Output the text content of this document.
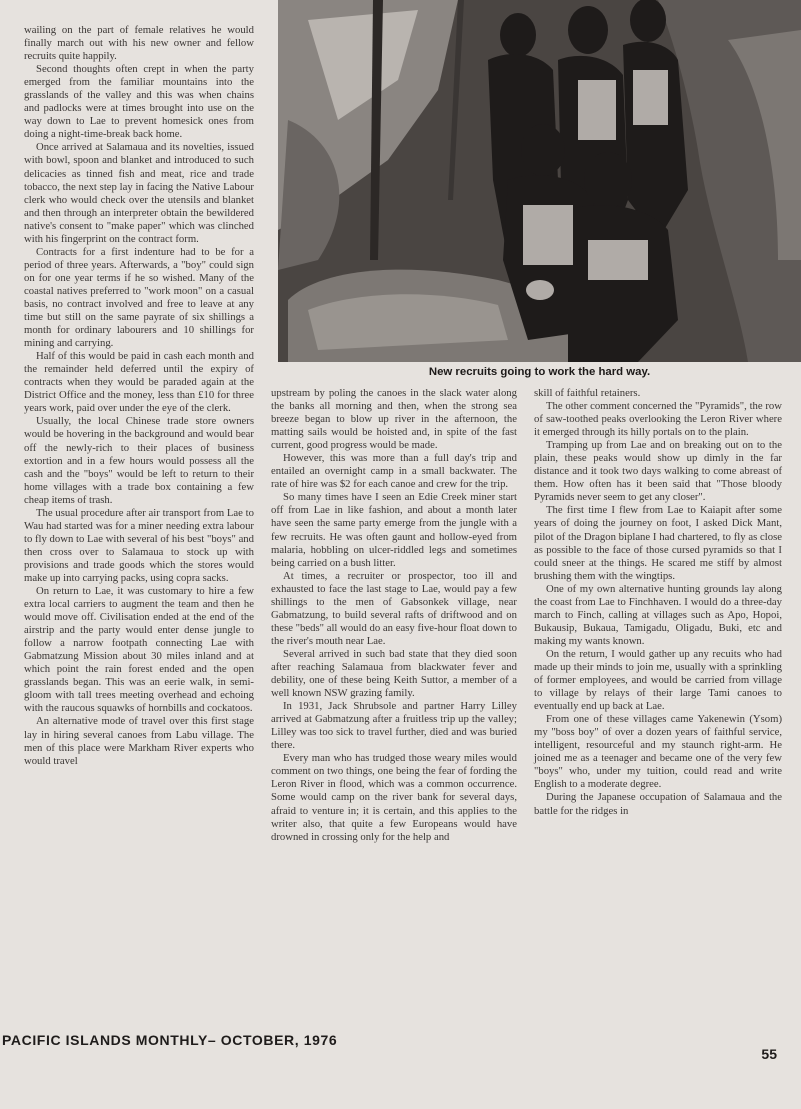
New recruits going to work the hard way.

wailing on the part of female relatives he would finally march out with his new owner and fellow recruits quite happily.

Second thoughts often crept in when the party emerged from the familiar mountains into the grasslands of the valley and this was when chains and padlocks were at times brought into use on the way down to Lae to prevent homesick ones from doing a night-time-break back home.

Once arrived at Salamaua and its novelties, issued with bowl, spoon and blanket and introduced to such delicacies as tinned fish and meat, rice and trade tobacco, the next step lay in facing the Native Labour clerk who would check over the utensils and blanket and then through an interpreter obtain the bewildered native's consent to "make paper" which was clinched with his fingerprint on the contract form.

Contracts for a first indenture had to be for a period of three years. Afterwards, a "boy" could sign on for one year terms if he so wished. Many of the coastal natives preferred to "work moon" on a casual basis, no contract involved and free to leave at any time but still on the same payrate of six shillings a month for ordinary labourers and 10 shillings for mining and carrying.

Half of this would be paid in cash each month and the remainder held deferred until the expiry of contracts when they would be paraded again at the District Office and the money, less than £10 for three years work, paid over under the eye of the clerk.

Usually, the local Chinese trade store owners would be hovering in the background and would bear off the newly-rich to their places of business extortion and in a few hours would possess all the cash and the "boys" would be left to return to their home villages with a trade box containing a few cheap items of trash.

The usual procedure after air transport from Lae to Wau had started was for a miner needing extra labour to fly down to Lae with several of his best "boys" and then cross over to Salamaua to stock up with provisions and trade goods which the stores would make up into carrying packs, using copra sacks.

On return to Lae, it was customary to hire a few extra local carriers to augment the team and then he would move off. Civilisation ended at the end of the airstrip and the party would enter dense jungle to follow a narrow footpath connecting Lae with Gabmatzung Mission about 30 miles inland and at which point the rain forest ended and the open grasslands began. This was an eerie walk, in semi-gloom with tall trees meeting overhead and echoing with the raucous squawks of hornbills and cockatoos.

An alternative mode of travel over this first stage lay in hiring several canoes from Labu village. The men of this place were Markham River experts who would travel

upstream by poling the canoes in the slack water along the banks all morning and then, when the strong sea breeze began to blow up river in the afternoon, the matting sails would be hoisted and, in spite of the fast current, good progress would be made.

However, this was more than a full day's trip and entailed an overnight camp in a small backwater. The rate of hire was $2 for each canoe and crew for the trip.

So many times have I seen an Edie Creek miner start off from Lae in like fashion, and about a month later have seen the same party emerge from the jungle with a few recruits. He was often gaunt and hollow-eyed from malaria, hobbling on ulcer-riddled legs and sometimes being carried on a bush litter.

At times, a recruiter or prospector, too ill and exhausted to face the last stage to Lae, would pay a few shillings to the men of Gabsonkek village, near Gabmatzung, to build several rafts of driftwood and on these "beds" all would do an easy five-hour float down to the river's mouth near Lae.

Several arrived in such bad state that they died soon after reaching Salamaua from blackwater fever and debility, one of these being Keith Suttor, a member of a well known NSW grazing family.

In 1931, Jack Shrubsole and partner Harry Lilley arrived at Gabmatzung after a fruitless trip up the valley; Lilley was too sick to travel further, died and was buried there.

Every man who has trudged those weary miles would comment on two things, one being the fear of fording the Leron River in flood, which was a common occurrence. Some would camp on the river bank for several days, afraid to venture in; it is certain, and this applies to the writer also, that quite a few Europeans would have drowned in crossing only for the help and

skill of faithful retainers.

The other comment concerned the "Pyramids", the row of saw-toothed peaks overlooking the Leron River where it emerged through its hilly portals on to the plain.

Tramping up from Lae and on breaking out on to the plain, these peaks would show up dimly in the far distance and it took two days walking to come abreast of them. How often has it been said that "Those bloody Pyramids never seem to get any closer".

The first time I flew from Lae to Kaiapit after some years of doing the journey on foot, I asked Dick Mant, pilot of the Dragon biplane I had chartered, to fly as close as possible to the face of those cursed pyramids so that I could sneer at the things. He scared me stiff by almost brushing them with the wingtips.

One of my own alternative hunting grounds lay along the coast from Lae to Finchhaven. I would do a three-day march to Finch, calling at villages such as Apo, Hopoi, Bukausip, Bukaua, Tamigadu, Oligadu, Buki, etc and making my wants known.

On the return, I would gather up any recuits who had made up their minds to join me, usually with a sprinkling of former employees, and would be carried from village to village by relays of their large Tami canoes to eventually end up back at Lae.

From one of these villages came Yakenewin (Ysom) my "boss boy" of over a dozen years of faithful service, intelligent, resourceful and my staunch right-arm. He joined me as a teenager and became one of the very few "boys" who, under my tuition, could read and write English to a moderate degree.

During the Japanese occupation of Salamaua and the battle for the ridges in

PACIFIC ISLANDS MONTHLY– OCTOBER, 1976
55
